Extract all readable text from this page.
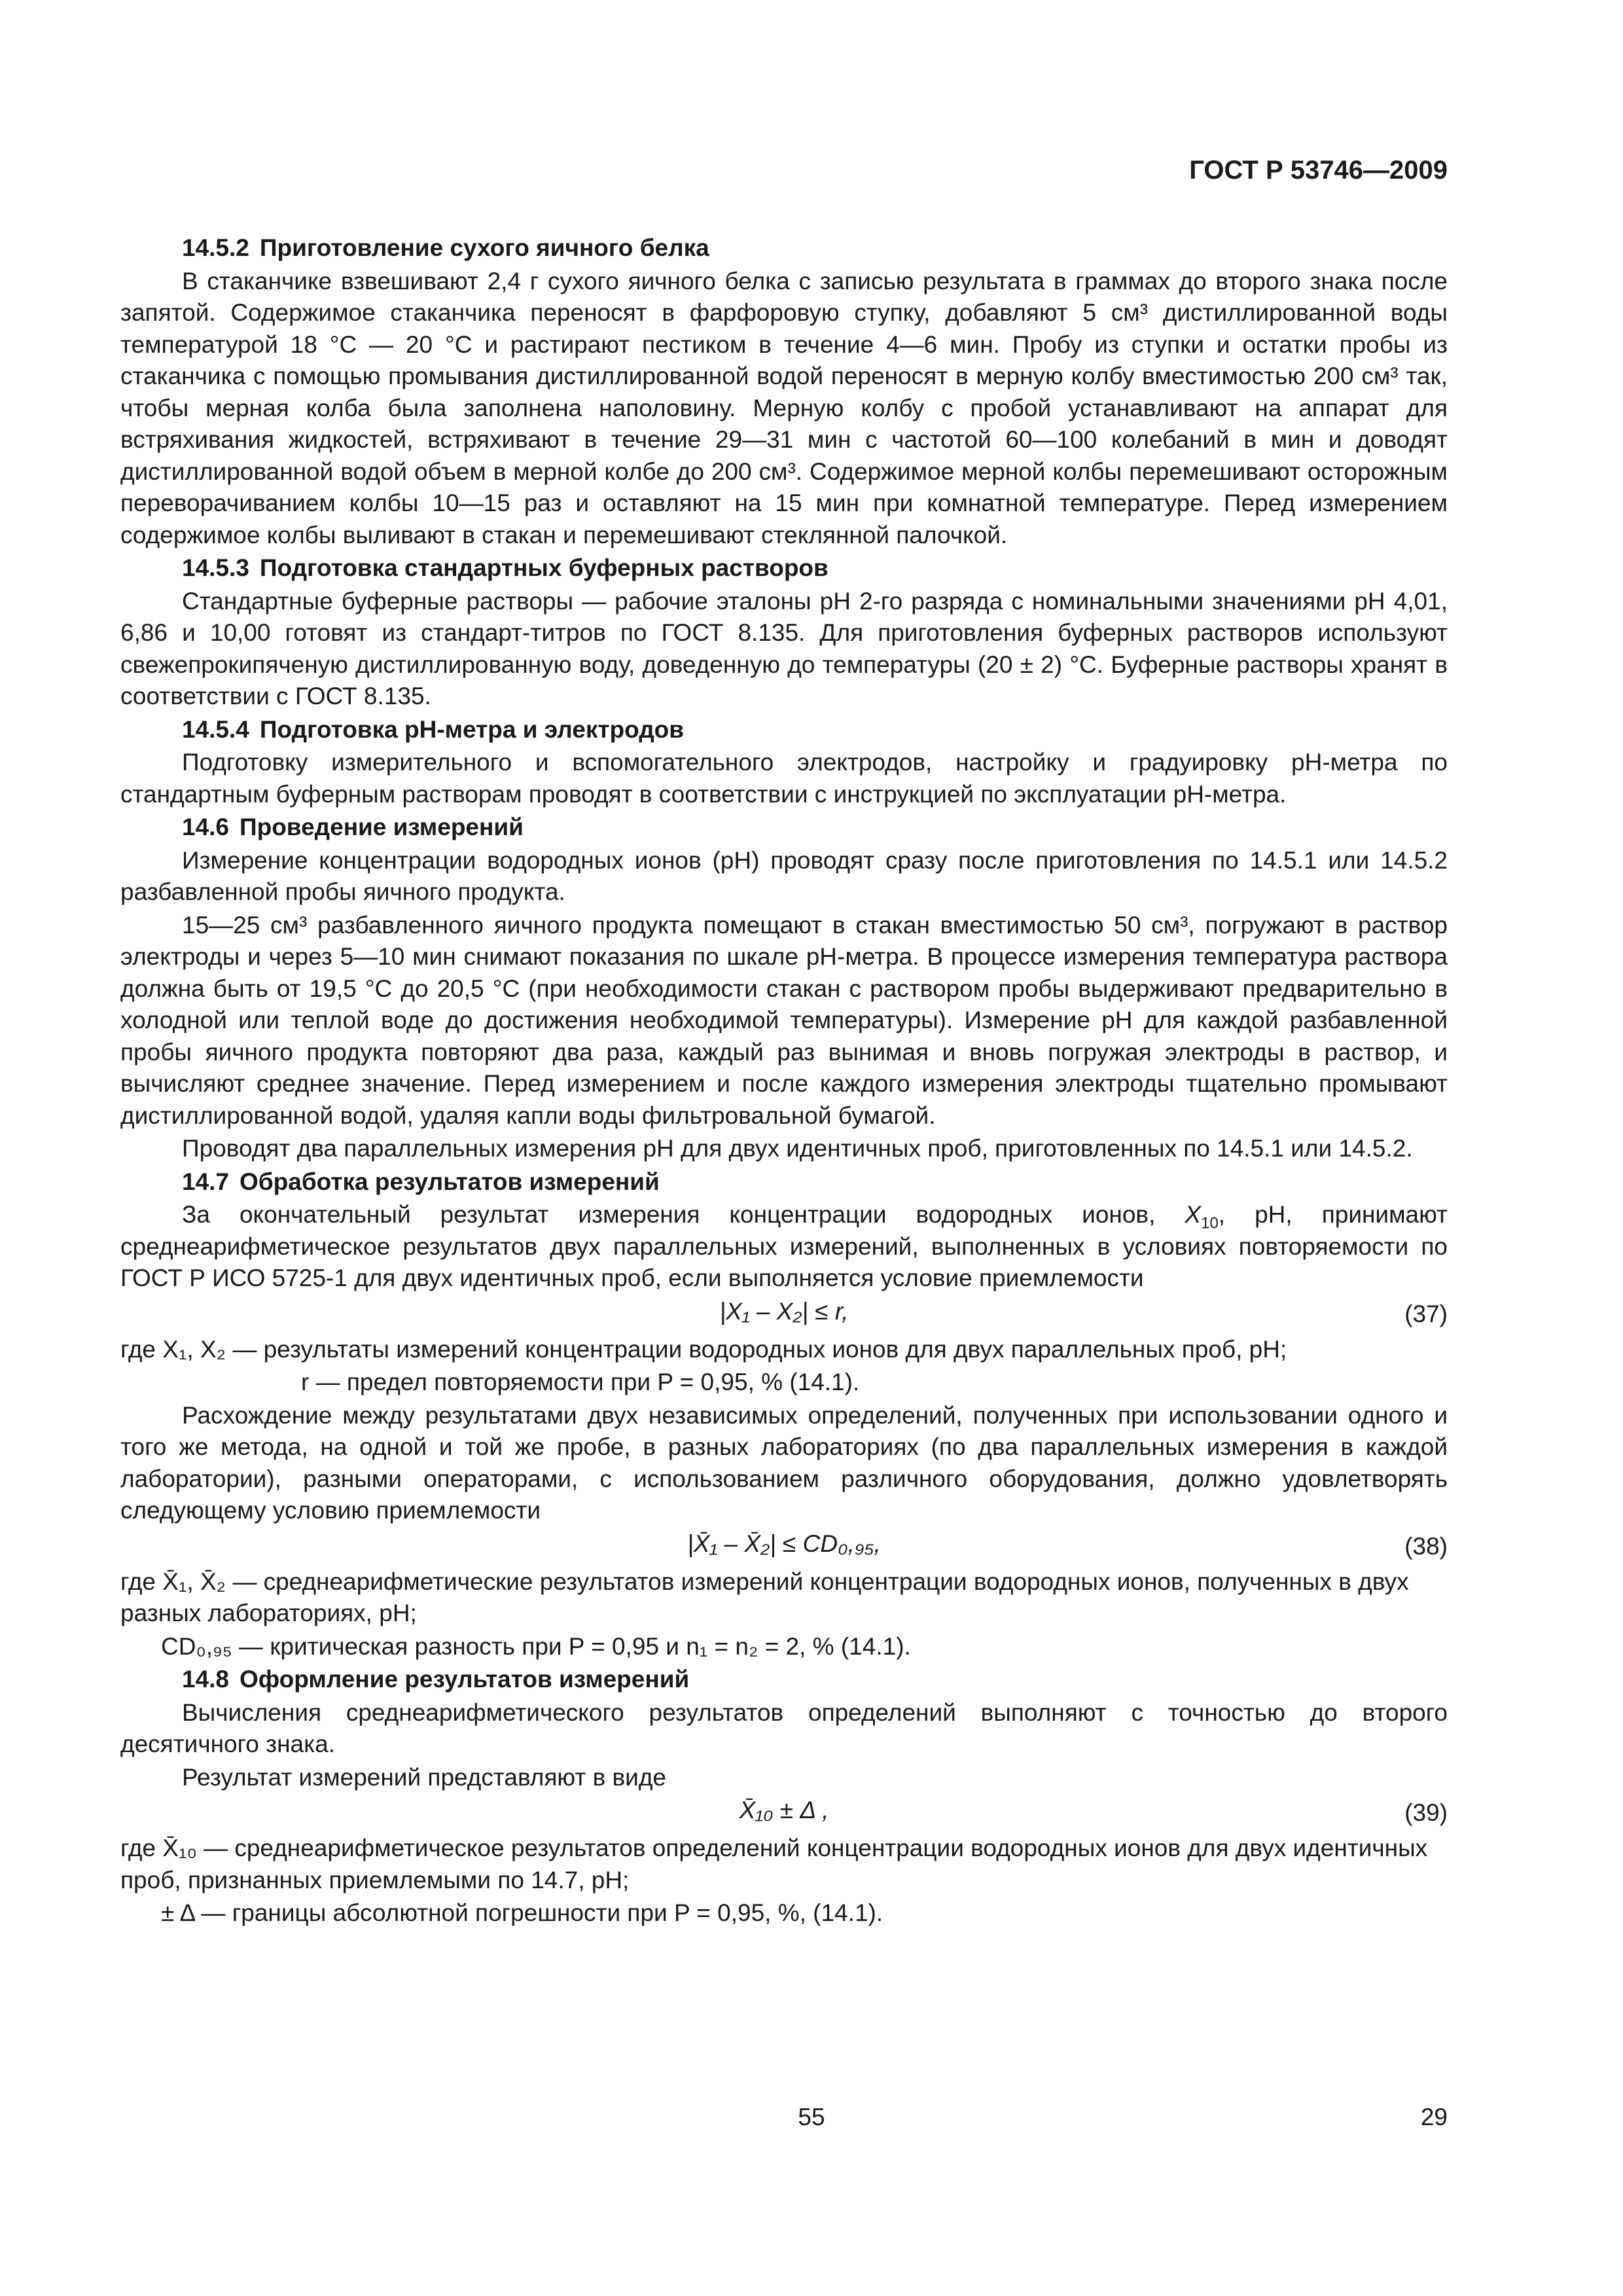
ГОСТ Р 53746—2009
14.5.2 Приготовление сухого яичного белка
В стаканчике взвешивают 2,4 г сухого яичного белка с записью результата в граммах до второго знака после запятой. Содержимое стаканчика переносят в фарфоровую ступку, добавляют 5 см³ дистиллированной воды температурой 18 °С — 20 °С и растирают пестиком в течение 4—6 мин. Пробу из ступки и остатки пробы из стаканчика с помощью промывания дистиллированной водой переносят в мерную колбу вместимостью 200 см³ так, чтобы мерная колба была заполнена наполовину. Мерную колбу с пробой устанавливают на аппарат для встряхивания жидкостей, встряхивают в течение 29—31 мин с частотой 60—100 колебаний в мин и доводят дистиллированной водой объем в мерной колбе до 200 см³. Содержимое мерной колбы перемешивают осторожным переворачиванием колбы 10—15 раз и оставляют на 15 мин при комнатной температуре. Перед измерением содержимое колбы выливают в стакан и перемешивают стеклянной палочкой.
14.5.3 Подготовка стандартных буферных растворов
Стандартные буферные растворы — рабочие эталоны рН 2-го разряда с номинальными значениями рН 4,01, 6,86 и 10,00 готовят из стандарт-титров по ГОСТ 8.135. Для приготовления буферных растворов используют свежепрокипяченую дистиллированную воду, доведенную до температуры (20 ± 2) °С. Буферные растворы хранят в соответствии с ГОСТ 8.135.
14.5.4 Подготовка рН-метра и электродов
Подготовку измерительного и вспомогательного электродов, настройку и градуировку рН-метра по стандартным буферным растворам проводят в соответствии с инструкцией по эксплуатации рН-метра.
14.6 Проведение измерений
Измерение концентрации водородных ионов (рН) проводят сразу после приготовления по 14.5.1 или 14.5.2 разбавленной пробы яичного продукта.
15—25 см³ разбавленного яичного продукта помещают в стакан вместимостью 50 см³, погружают в раствор электроды и через 5—10 мин снимают показания по шкале рН-метра. В процессе измерения температура раствора должна быть от 19,5 °С до 20,5 °С (при необходимости стакан с раствором пробы выдерживают предварительно в холодной или теплой воде до достижения необходимой температуры). Измерение рН для каждой разбавленной пробы яичного продукта повторяют два раза, каждый раз вынимая и вновь погружая электроды в раствор, и вычисляют среднее значение. Перед измерением и после каждого измерения электроды тщательно промывают дистиллированной водой, удаляя капли воды фильтровальной бумагой.
Проводят два параллельных измерения рН для двух идентичных проб, приготовленных по 14.5.1 или 14.5.2.
14.7 Обработка результатов измерений
За окончательный результат измерения концентрации водородных ионов, $X_{10}$, рН, принимают среднеарифметическое результатов двух параллельных измерений, выполненных в условиях повторяемости по ГОСТ Р ИСО 5725-1 для двух идентичных проб, если выполняется условие приемлемости
|X₁ – X₂| ≤ r,	(37)
где X₁, X₂ — результаты измерений концентрации водородных ионов для двух параллельных проб, рН;
r — предел повторяемости при P = 0,95, % (14.1).
Расхождение между результатами двух независимых определений, полученных при использовании одного и того же метода, на одной и той же пробе, в разных лабораториях (по два параллельных измерения в каждой лаборатории), разными операторами, с использованием различного оборудования, должно удовлетворять следующему условию приемлемости
|X̄₁ – X̄₂| ≤ CD₀,₉₅,	(38)
где X̄₁, X̄₂ — среднеарифметические результатов измерений концентрации водородных ионов, полученных в двух разных лабораториях, рН;
CD₀,₉₅ — критическая разность при P = 0,95 и n₁ = n₂ = 2, % (14.1).
14.8 Оформление результатов измерений
Вычисления среднеарифметического результатов определений выполняют с точностью до второго десятичного знака.
Результат измерений представляют в виде
X̄₁₀ ± Δ ,	(39)
где X̄₁₀ — среднеарифметическое результатов определений концентрации водородных ионов для двух идентичных проб, признанных приемлемыми по 14.7, рН;
± Δ — границы абсолютной погрешности при P = 0,95, %, (14.1).
55	29
